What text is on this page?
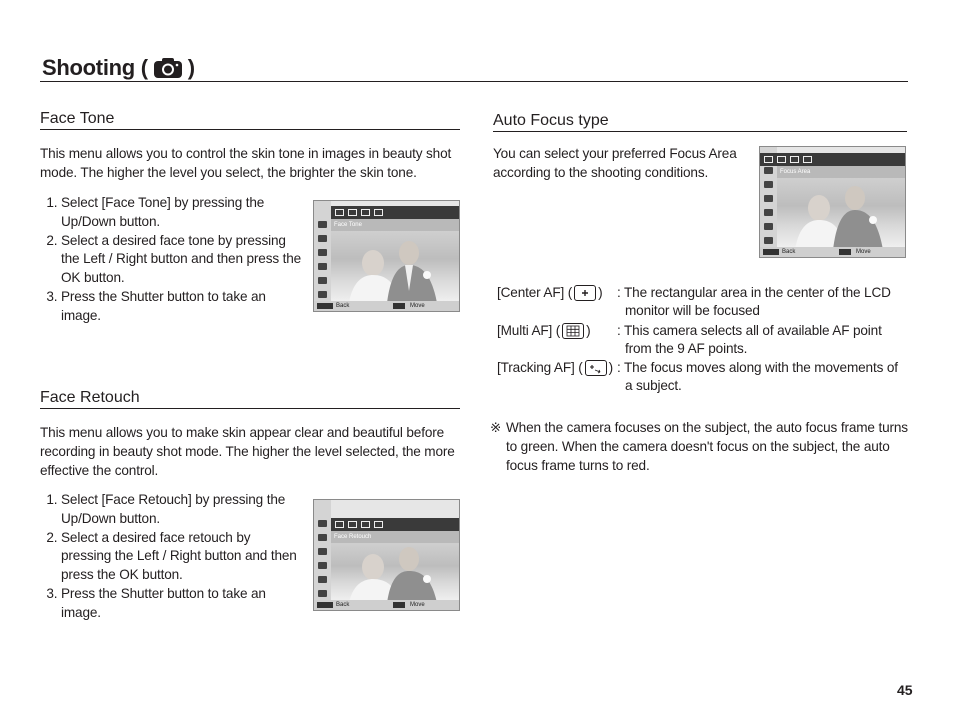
Shooting ( )
Face Tone

This menu allows you to control the skin tone in images in beauty shot mode. The higher the level you select, the brighter the skin tone.

1. Select [Face Tone] by pressing the Up/Down button.
2. Select a desired face tone by pressing the Left / Right button and then press the OK button.
3. Press the Shutter button to take an image.
Face Tone
Back	Move
Face Retouch

This menu allows you to make skin appear clear and beautiful before recording in beauty shot mode. The higher the level selected, the more effective the control.

1. Select [Face Retouch] by pressing the Up/Down button.
2. Select a desired face retouch by pressing the Left / Right button and then press the OK button.
3. Press the Shutter button to take an image.
Face Retouch
Back	Move
Auto Focus type

You can select your preferred Focus Area according to the shooting conditions.	Focus Area
Back	Move
[Center AF] ( ) : The rectangular area in the center of the LCD monitor will be focused
[Multi AF] ( ) : This camera selects all of available AF point from the 9 AF points.
[Tracking AF] ( ) : The focus moves along with the movements of a subject.
※ When the camera focuses on the subject, the auto focus frame turns to green. When the camera doesn't focus on the subject, the auto focus frame turns to red.
45
